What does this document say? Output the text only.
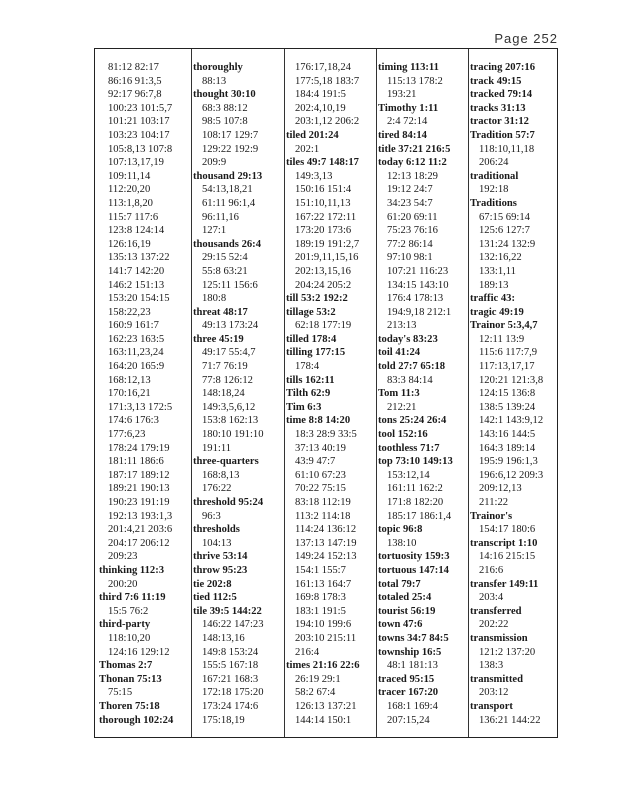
Page 252
81:12 82:17
86:16 91:3,5
92:17 96:7,8
100:23 101:5,7
101:21 103:17
103:23 104:17
105:8,13 107:8
107:13,17,19
109:11,14
112:20,20
113:1,8,20
115:7 117:6
123:8 124:14
126:16,19
135:13 137:22
141:7 142:20
146:2 151:13
153:20 154:15
158:22,23
160:9 161:7
162:23 163:5
163:11,23,24
164:20 165:9
168:12,13
170:16,21
171:3,13 172:5
174:6 176:3
177:6,23
178:24 179:19
181:11 186:6
187:17 189:12
189:21 190:13
190:23 191:19
192:13 193:1,3
201:4,21 203:6
204:17 206:12
209:23
thinking 112:3
200:20
third 7:6 11:19
15:5 76:2
third-party
118:10,20
124:16 129:12
Thomas 2:7
Thonan 75:13
75:15
Thoren 75:18
thorough 102:24
thoroughly
88:13
thought 30:10
68:3 88:12
98:5 107:8
108:17 129:7
129:22 192:9
209:9
thousand 29:13
54:13,18,21
61:11 96:1,4
96:11,16
127:1
thousands 26:4
29:15 52:4
55:8 63:21
125:11 156:6
180:8
threat 48:17
49:13 173:24
three 45:19
49:17 55:4,7
71:7 76:19
77:8 126:12
148:18,24
149:3,5,6,12
153:8 162:13
180:10 191:10
191:11
three-quarters
168:8,13
176:22
threshold 95:24
96:3
thresholds
104:13
thrive 53:14
throw 95:23
tie 202:8
tied 112:5
tile 39:5 144:22
146:22 147:23
148:13,16
149:8 153:24
155:5 167:18
167:21 168:3
172:18 175:20
173:24 174:6
175:18,19
176:17,18,24
177:5,18 183:7
184:4 191:5
202:4,10,19
203:1,12 206:2
tiled 201:24
202:1
tiles 49:7 148:17
149:3,13
150:16 151:4
151:10,11,13
167:22 172:11
173:20 173:6
189:19 191:2,7
201:9,11,15,16
202:13,15,16
204:24 205:2
till 53:2 192:2
tillage 53:2
62:18 177:19
tilled 178:4
tilling 177:15
178:4
tills 162:11
Tilth 62:9
Tim 6:3
time 8:8 14:20
18:3 28:9 33:5
37:13 40:19
43:9 47:7
61:10 67:23
70:22 75:15
83:18 112:19
113:2 114:18
114:24 136:12
137:13 147:19
149:24 152:13
154:1 155:7
161:13 164:7
169:8 178:3
183:1 191:5
194:10 199:6
203:10 215:11
216:4
times 21:16 22:6
26:19 29:1
58:2 67:4
126:13 137:21
144:14 150:1
timing 113:11
115:13 178:2
193:21
Timothy 1:11
2:4 72:14
tired 84:14
title 37:21 216:5
today 6:12 11:2
12:13 18:29
19:12 24:7
34:23 54:7
61:20 69:11
75:23 76:16
77:2 86:14
97:10 98:1
107:21 116:23
134:15 143:10
176:4 178:13
194:9,18 212:1
213:13
today's 83:23
toil 41:24
told 27:7 65:18
83:3 84:14
Tom 11:3
212:21
tons 25:24 26:4
tool 152:16
toothless 71:7
top 73:10 149:13
153:12,14
161:11 162:2
171:8 182:20
185:17 186:1,4
topic 96:8
138:10
tortuosity 159:3
tortuous 147:14
total 79:7
totaled 25:4
tourist 56:19
town 47:6
towns 34:7 84:5
township 16:5
48:1 181:13
traced 95:15
tracer 167:20
168:1 169:4
207:15,24
tracing 207:16
track 49:15
tracked 79:14
tracks 31:13
tractor 31:12
Tradition 57:7
118:10,11,18
206:24
traditional
192:18
Traditions
67:15 69:14
125:6 127:7
131:24 132:9
132:16,22
133:1,11
189:13
traffic 43:
tragic 49:19
Trainor 5:3,4,7
12:11 13:9
115:6 117:7,9
117:13,17,17
120:21 121:3,8
124:15 136:8
138:5 139:24
142:1 143:9,12
143:16 144:5
164:3 189:14
195:9 196:1,3
196:6,12 209:3
209:12,13
211:22
Trainor's
154:17 180:6
transcript 1:10
14:16 215:15
216:6
transfer 149:11
203:4
transferred
202:22
transmission
121:2 137:20
138:3
transmitted
203:12
transport
136:21 144:22
